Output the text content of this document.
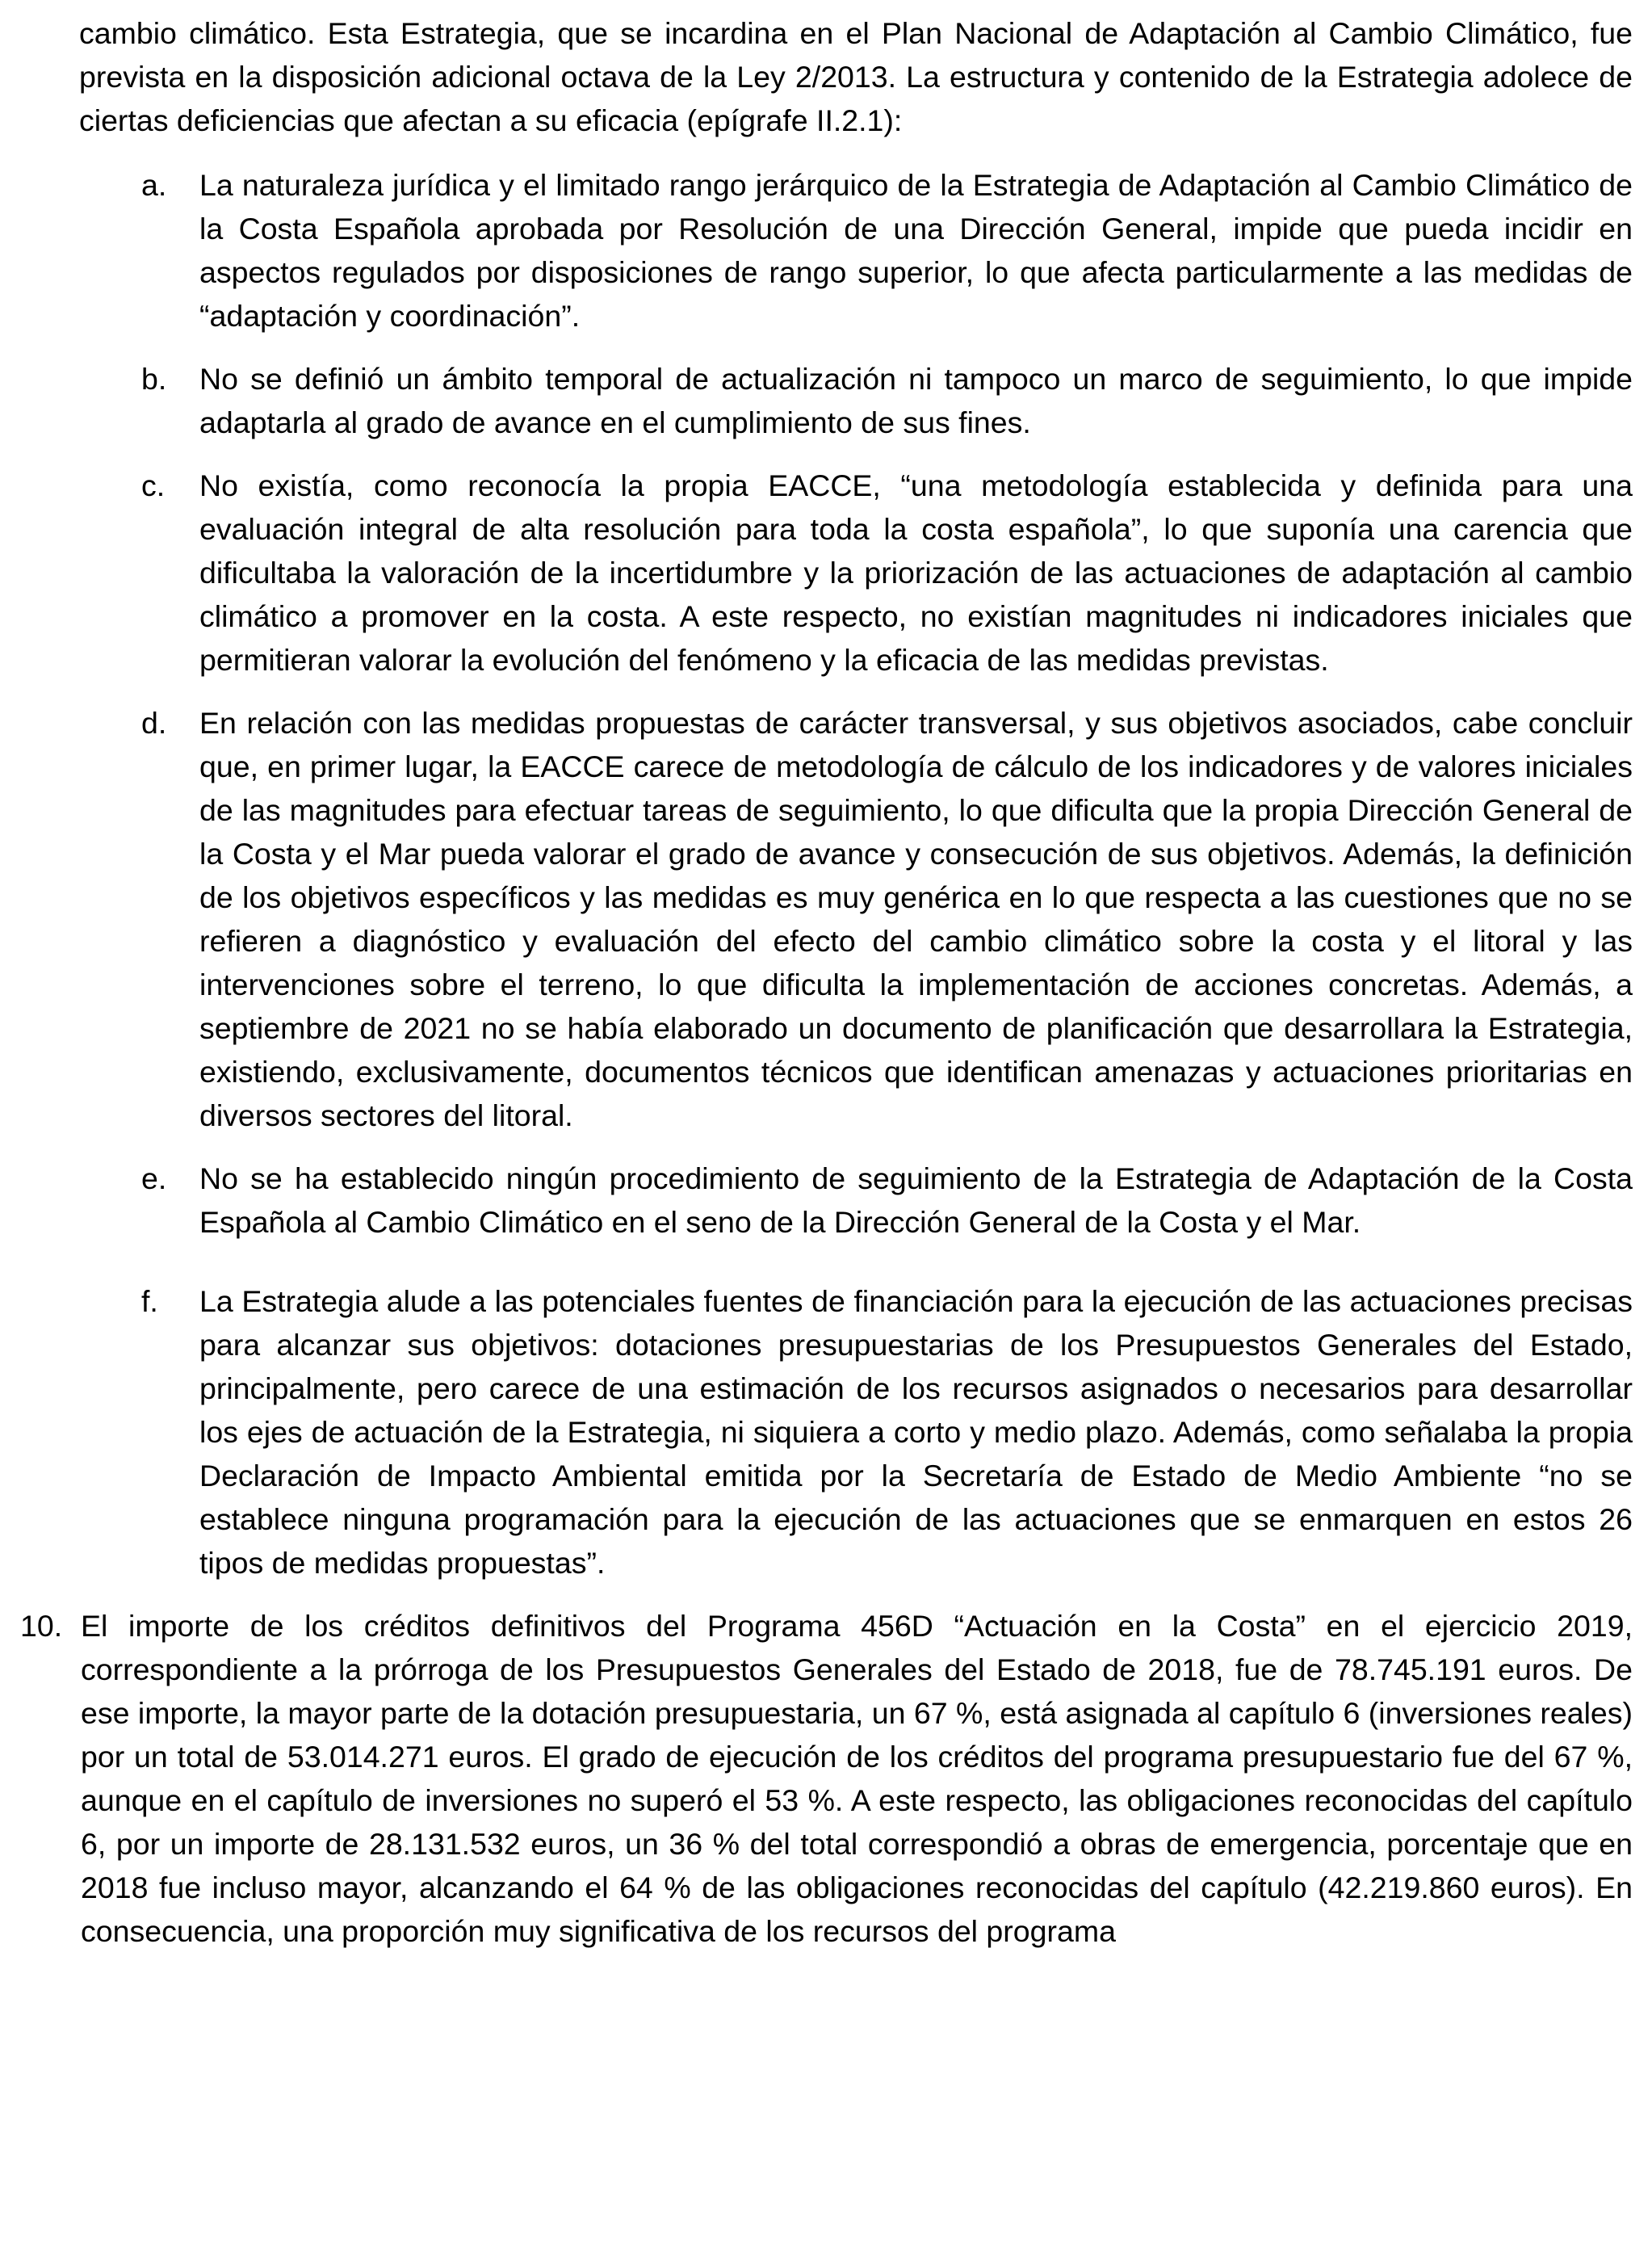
cambio climático. Esta Estrategia, que se incardina en el Plan Nacional de Adaptación al Cambio Climático, fue prevista en la disposición adicional octava de la Ley 2/2013. La estructura y contenido de la Estrategia adolece de ciertas deficiencias que afectan a su eficacia (epígrafe II.2.1):

a.	La naturaleza jurídica y el limitado rango jerárquico de la Estrategia de Adaptación al Cambio Climático de la Costa Española aprobada por Resolución de una Dirección General, impide que pueda incidir en aspectos regulados por disposiciones de rango superior, lo que afecta particularmente a las medidas de “adaptación y coordinación”.
b.	No se definió un ámbito temporal de actualización ni tampoco un marco de seguimiento, lo que impide adaptarla al grado de avance en el cumplimiento de sus fines.
c.	No existía, como reconocía la propia EACCE, “una metodología establecida y definida para una evaluación integral de alta resolución para toda la costa española”, lo que suponía una carencia que dificultaba la valoración de la incertidumbre y la priorización de las actuaciones de adaptación al cambio climático a promover en la costa. A este respecto, no existían magnitudes ni indicadores iniciales que permitieran valorar la evolución del fenómeno y la eficacia de las medidas previstas.
d.	En relación con las medidas propuestas de carácter transversal, y sus objetivos asociados, cabe concluir que, en primer lugar, la EACCE carece de metodología de cálculo de los indicadores y de valores iniciales de las magnitudes para efectuar tareas de seguimiento, lo que dificulta que la propia Dirección General de la Costa y el Mar pueda valorar el grado de avance y consecución de sus objetivos. Además, la definición de los objetivos específicos y las medidas es muy genérica en lo que respecta a las cuestiones que no se refieren a diagnóstico y evaluación del efecto del cambio climático sobre la costa y el litoral y las intervenciones sobre el terreno, lo que dificulta la implementación de acciones concretas. Además, a septiembre de 2021 no se había elaborado un documento de planificación que desarrollara la Estrategia, existiendo, exclusivamente, documentos técnicos que identifican amenazas y actuaciones prioritarias en diversos sectores del litoral.
e.	No se ha establecido ningún procedimiento de seguimiento de la Estrategia de Adaptación de la Costa Española al Cambio Climático en el seno de la Dirección General de la Costa y el Mar.
f.	La Estrategia alude a las potenciales fuentes de financiación para la ejecución de las actuaciones precisas para alcanzar sus objetivos: dotaciones presupuestarias de los Presupuestos Generales del Estado, principalmente, pero carece de una estimación de los recursos asignados o necesarios para desarrollar los ejes de actuación de la Estrategia, ni siquiera a corto y medio plazo. Además, como señalaba la propia Declaración de Impacto Ambiental emitida por la Secretaría de Estado de Medio Ambiente “no se establece ninguna programación para la ejecución de las actuaciones que se enmarquen en estos 26 tipos de medidas propuestas”.
10. El importe de los créditos definitivos del Programa 456D “Actuación en la Costa” en el ejercicio 2019, correspondiente a la prórroga de los Presupuestos Generales del Estado de 2018, fue de 78.745.191 euros. De ese importe, la mayor parte de la dotación presupuestaria, un 67 %, está asignada al capítulo 6 (inversiones reales) por un total de 53.014.271 euros. El grado de ejecución de los créditos del programa presupuestario fue del 67 %, aunque en el capítulo de inversiones no superó el 53 %. A este respecto, las obligaciones reconocidas del capítulo 6, por un importe de 28.131.532 euros, un 36 % del total correspondió a obras de emergencia, porcentaje que en 2018 fue incluso mayor, alcanzando el 64 % de las obligaciones reconocidas del capítulo (42.219.860 euros). En consecuencia, una proporción muy significativa de los recursos del programa
